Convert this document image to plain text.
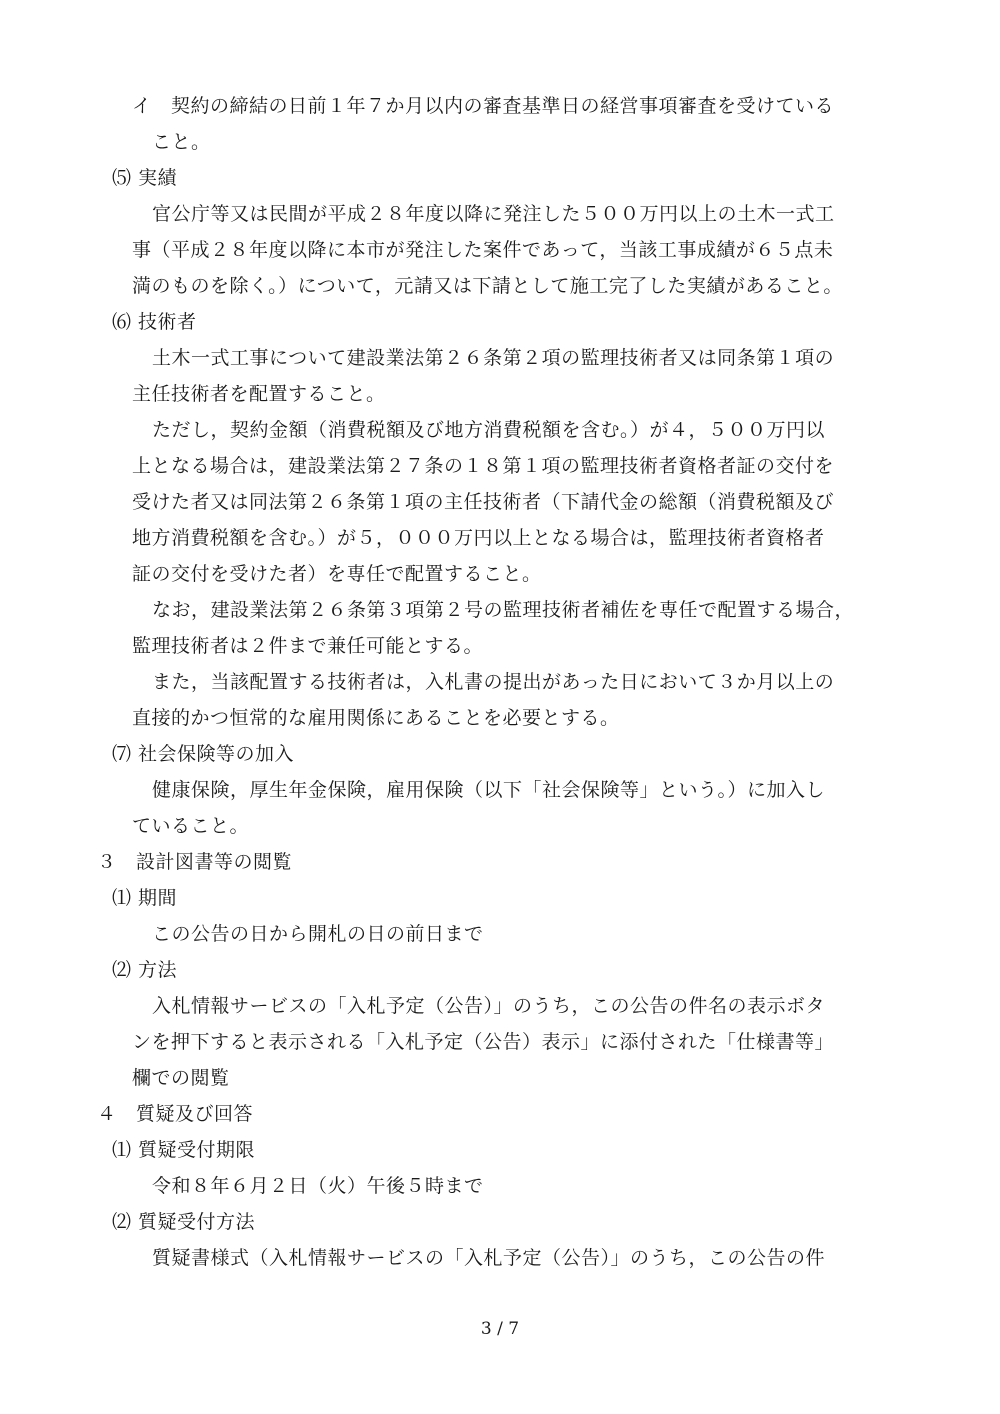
イ　契約の締結の日前１年７か月以内の審査基準日の経営事項審査を受けている
こと。
⑸ 実績
官公庁等又は民間が平成２８年度以降に発注した５００万円以上の土木一式工
事（平成２８年度以降に本市が発注した案件であって，当該工事成績が６５点未
満のものを除く。）について，元請又は下請として施工完了した実績があること。
⑹ 技術者
土木一式工事について建設業法第２６条第２項の監理技術者又は同条第１項の
主任技術者を配置すること。
ただし，契約金額（消費税額及び地方消費税額を含む。）が４，５００万円以
上となる場合は，建設業法第２７条の１８第１項の監理技術者資格者証の交付を
受けた者又は同法第２６条第１項の主任技術者（下請代金の総額（消費税額及び
地方消費税額を含む。）が５，０００万円以上となる場合は，監理技術者資格者
証の交付を受けた者）を専任で配置すること。
なお，建設業法第２６条第３項第２号の監理技術者補佐を専任で配置する場合，
監理技術者は２件まで兼任可能とする。
また，当該配置する技術者は，入札書の提出があった日において３か月以上の
直接的かつ恒常的な雇用関係にあることを必要とする。
⑺ 社会保険等の加入
健康保険，厚生年金保険，雇用保険（以下「社会保険等」という。）に加入し
ていること。
３　設計図書等の閲覧
⑴ 期間
この公告の日から開札の日の前日まで
⑵ 方法
入札情報サービスの「入札予定（公告）」のうち，この公告の件名の表示ボタ
ンを押下すると表示される「入札予定（公告）表示」に添付された「仕様書等」
欄での閲覧
４　質疑及び回答
⑴ 質疑受付期限
令和８年６月２日（火）午後５時まで
⑵ 質疑受付方法
質疑書様式（入札情報サービスの「入札予定（公告）」のうち，この公告の件
3 / 7
